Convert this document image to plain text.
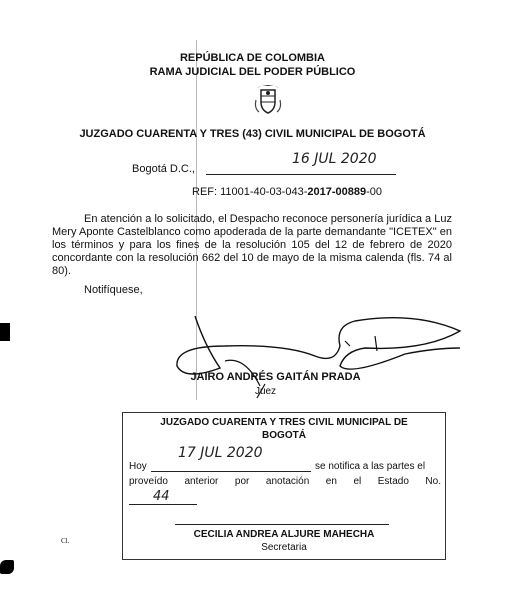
REPÚBLICA DE COLOMBIA
RAMA JUDICIAL DEL PODER PÚBLICO
JUZGADO CUARENTA Y TRES (43) CIVIL MUNICIPAL DE BOGOTÁ
Bogotá D.C.,
16 JUL 2020
REF: 11001-40-03-043-2017-00889-00
En atención a lo solicitado, el Despacho reconoce personería jurídica a Luz Mery Aponte Castelblanco como apoderada de la parte demandante "ICETEX" en los términos y para los fines de la resolución 105 del 12 de febrero de 2020 concordante con la resolución 662 del 10 de mayo de la misma calenda (fls. 74 al 80).
Notifíquese,
JAIRO ANDRÉS GAITÁN PRADA
Juez
JUZGADO CUARENTA Y TRES CIVIL MUNICIPAL DE BOGOTÁ
Hoy
17 JUL 2020
se notifica a las partes el
proveído anterior por anotación en el Estado No.
44
CECILIA ANDREA ALJURE MAHECHA
Secretaria
Cl.
